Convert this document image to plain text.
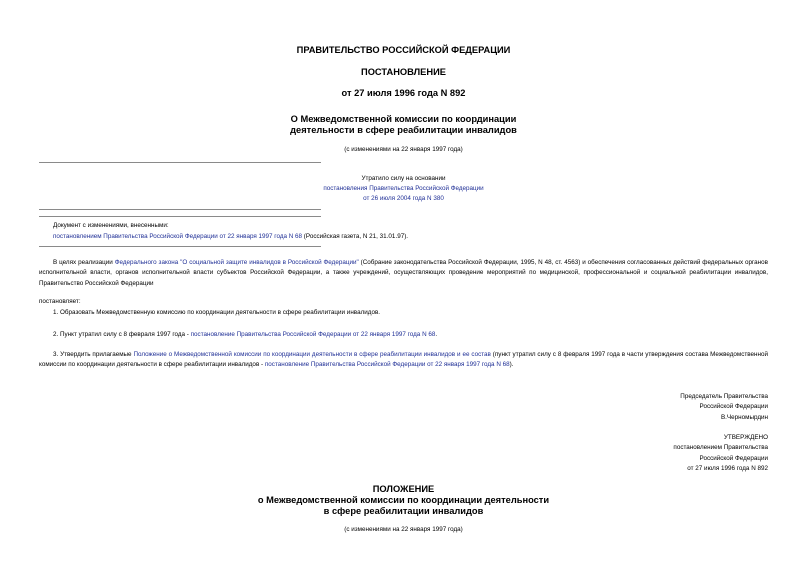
ПРАВИТЕЛЬСТВО РОССИЙСКОЙ ФЕДЕРАЦИИ
ПОСТАНОВЛЕНИЕ
от 27 июля 1996 года N 892
О Межведомственной комиссии по координации
деятельности в сфере реабилитации инвалидов
(с изменениями на 22 января 1997 года)
Утратило силу на основании
постановления Правительства Российской Федерации
от 26 июля 2004 года N 380
Документ с изменениями, внесенными:
постановлением Правительства Российской Федерации от 22 января 1997 года N 68 (Российская газета, N 21, 31.01.97).
В целях реализации Федерального закона "О социальной защите инвалидов в Российской Федерации" (Собрание законодательства Российской Федерации, 1995, N 48, ст. 4563) и обеспечения согласованных действий федеральных органов исполнительной власти, органов исполнительной власти субъектов Российской Федерации, а также учреждений, осуществляющих проведение мероприятий по медицинской, профессиональной и социальной реабилитации инвалидов, Правительство Российской Федерации
постановляет:
1. Образовать Межведомственную комиссию по координации деятельности в сфере реабилитации инвалидов.
2. Пункт утратил силу с 8 февраля 1997 года - постановление Правительства Российской Федерации от 22 января 1997 года N 68.
3. Утвердить прилагаемые Положение о Межведомственной комиссии по координации деятельности в сфере реабилитации инвалидов и ее состав (пункт утратил силу с 8 февраля 1997 года в части утверждения состава Межведомственной комиссии по координации деятельности в сфере реабилитации инвалидов - постановление Правительства Российской Федерации от 22 января 1997 года N 68).
Председатель Правительства
Российской Федерации
В.Черномырдин
УТВЕРЖДЕНО
постановлением Правительства
Российской Федерации
от 27 июля 1996 года N 892
ПОЛОЖЕНИЕ
о Межведомственной комиссии по координации деятельности
в сфере реабилитации инвалидов
(с изменениями на 22 января 1997 года)
